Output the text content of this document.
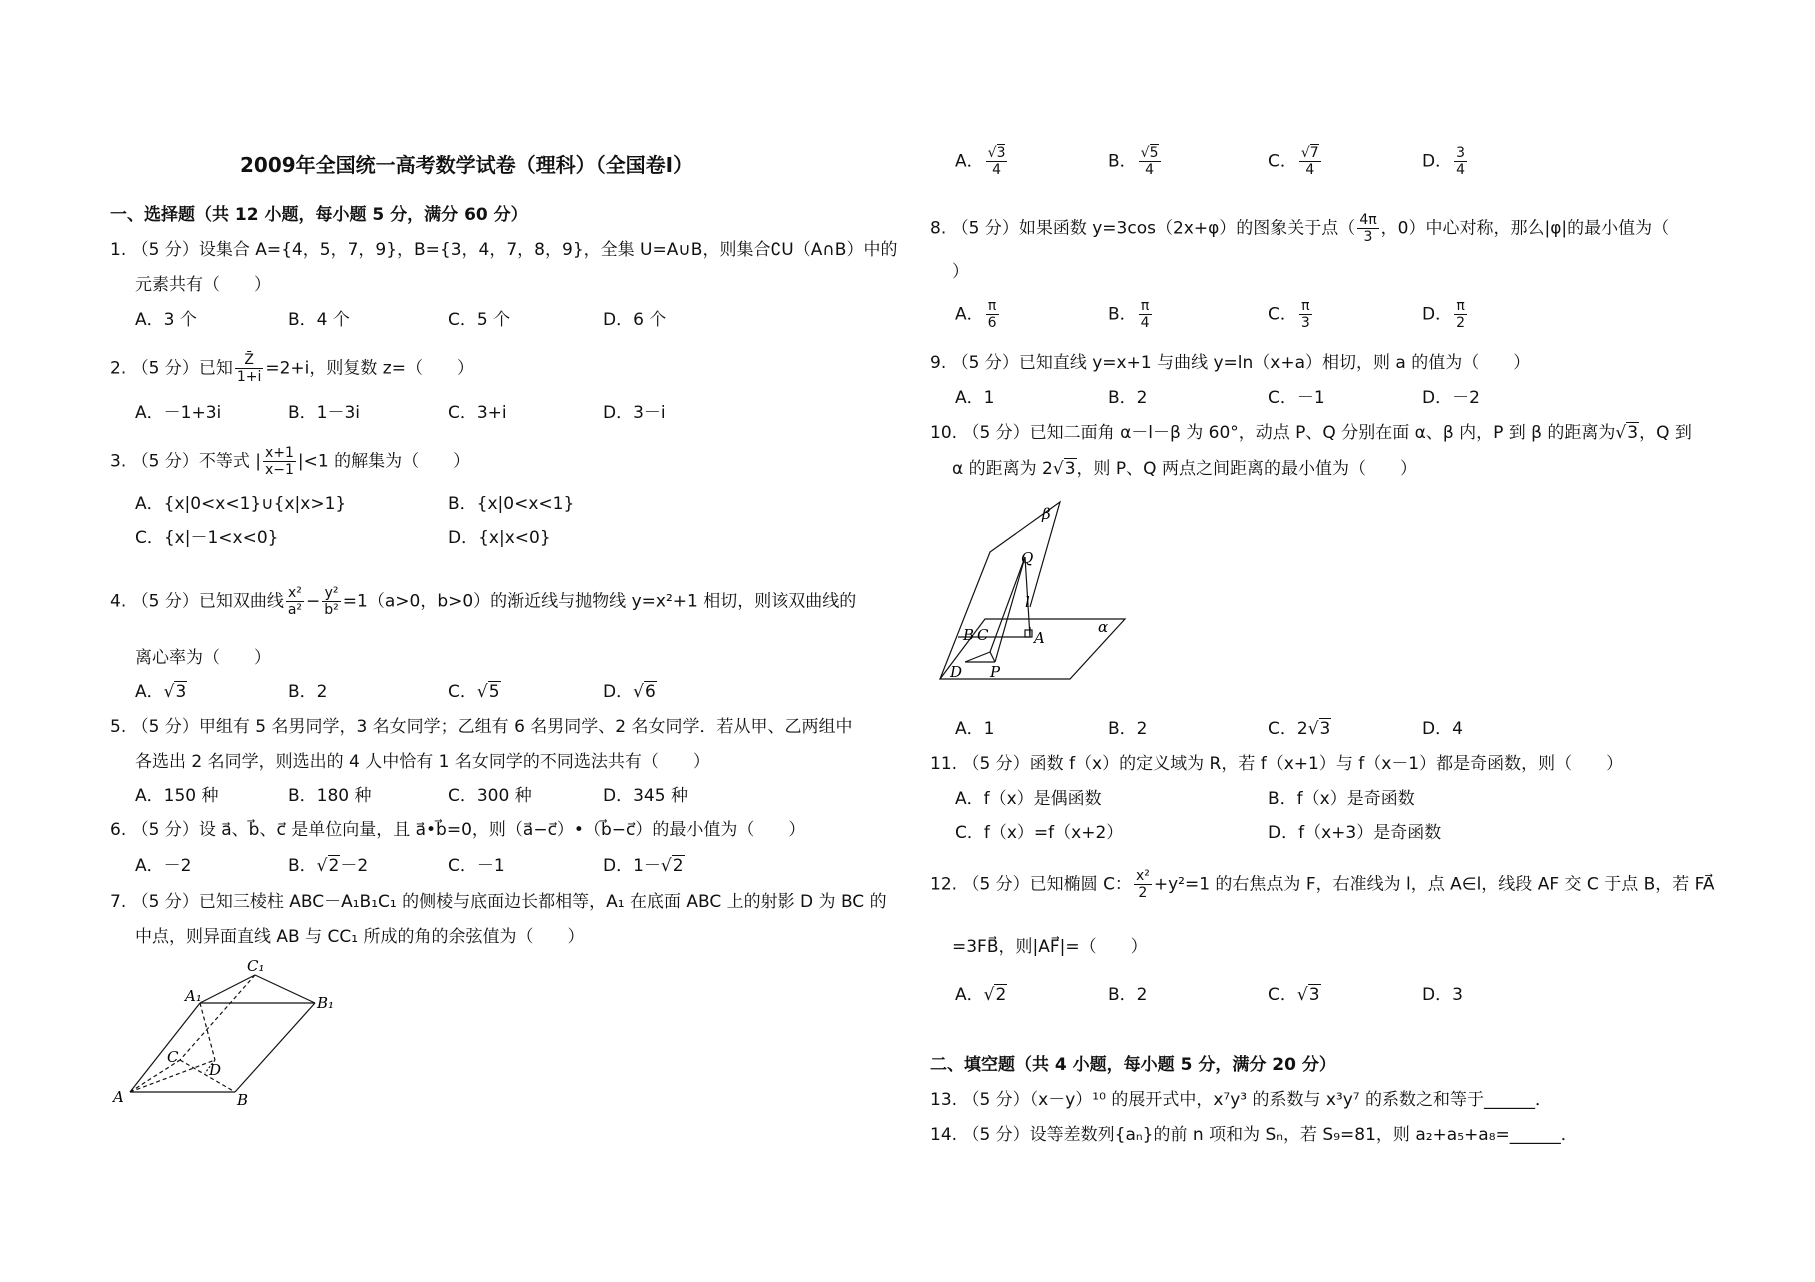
2009年全国统一高考数学试卷（理科）（全国卷I）
一、选择题（共 12 小题，每小题 5 分，满分 60 分）
1. （5 分）设集合 A={4，5，7，9}，B={3，4，7，8，9}，全集 U=A∪B，则集合∁U（A∩B）中的
元素共有（　　）
A．3 个	B．4 个	C．5 个	D．6 个
2. （5 分）已知 $\frac{Z̄}{1+i} =2+i$，则复数 z=（　　）
A．－1+3i	B．1－3i	C．3+i	D．3－i
3. （5 分）不等式 | $\frac{x+1}{x-1} |<1$ 的解集为（　　）
A．{x|0<x<1}∪{x|x>1}	B．{x|0<x<1}
C．{x|－1<x<0}	D．{x|x<0}
4. （5 分）已知双曲线 $\frac{\text{x²}}{\text{a²}} - \frac{\text{y²}}{\text{b²}} =1(a>0$，b>0）的渐近线与抛物线 y=x²+1 相切，则该双曲线的
离心率为（　　）
A．√3	B．2	C．√5	D．√6
5. （5 分）甲组有 5 名男同学，3 名女同学；乙组有 6 名男同学、2 名女同学．若从甲、乙两组中
各选出 2 名同学，则选出的 4 人中恰有 1 名女同学的不同选法共有（　　）
A．150 种	B．180 种	C．300 种	D．345 种
6. （5 分）设 a⃗、b⃗、c⃗ 是单位向量，且 a⃗•b⃗=0，则（a⃗−c⃗）•（b⃗−c⃗）的最小值为（　　）
A．－2	B．√2－2	C．－1	D．1－√2
7. （5 分）已知三棱柱 ABC－A₁B₁C₁ 的侧棱与底面边长都相等，A₁ 在底面 ABC 上的射影 D 为 BC 的
中点，则异面直线 AB 与 CC₁ 所成的角的余弦值为（　　）
C₁
A₁	B₁
C
D
A	B
A． $\frac{√3}{4}$	B． $\frac{√5}{4}$	C． $\frac{√7}{4}$	D． $\frac{3}{4}$
8. （5 分）如果函数 y=3cos（2x+φ）的图象关于点（ $\frac{4\pi}{3}$ ，0）中心对称，那么|φ|的最小值为（
）
A． $\frac{\pi}{6}$	B． $\frac{\pi}{4}$	C． $\frac{\pi}{3}$	D． $\frac{\pi}{2}$
9. （5 分）已知直线 y=x+1 与曲线 y=ln（x+a）相切，则 a 的值为（　　）
A．1	B．2	C．－1	D．－2
10. （5 分）已知二面角 α－l－β 为 60°，动点 P、Q 分别在面 α、β 内，P 到 β 的距离为√3，Q 到
α 的距离为 2√3，则 P、Q 两点之间距离的最小值为（　　）
β
Q
l
B C	A
α
D P
A．1	B．2	C．2√3	D．4
11. （5 分）函数 f（x）的定义域为 R，若 f（x+1）与 f（x－1）都是奇函数，则（　　）
A．f（x）是偶函数	B．f（x）是奇函数
C．f（x）=f（x+2）	D．f（x+3）是奇函数
12. （5 分）已知椭圆 C： $\frac{\text{x²}}{2} +y^2=1$ 的右焦点为 F，右准线为 l，点 A∈l，线段 AF 交 C 于点 B，若 FA⃗
=3FB⃗，则|AF⃗|=（　　）
A．√2	B．2	C．√3	D．3
二、填空题（共 4 小题，每小题 5 分，满分 20 分）
13. （5 分）（x－y）¹⁰ 的展开式中，x⁷y³ 的系数与 x³y⁷ 的系数之和等于______．
14. （5 分）设等差数列{aₙ}的前 n 项和为 Sₙ，若 S₉=81，则 a₂+a₅+a₈=______．
